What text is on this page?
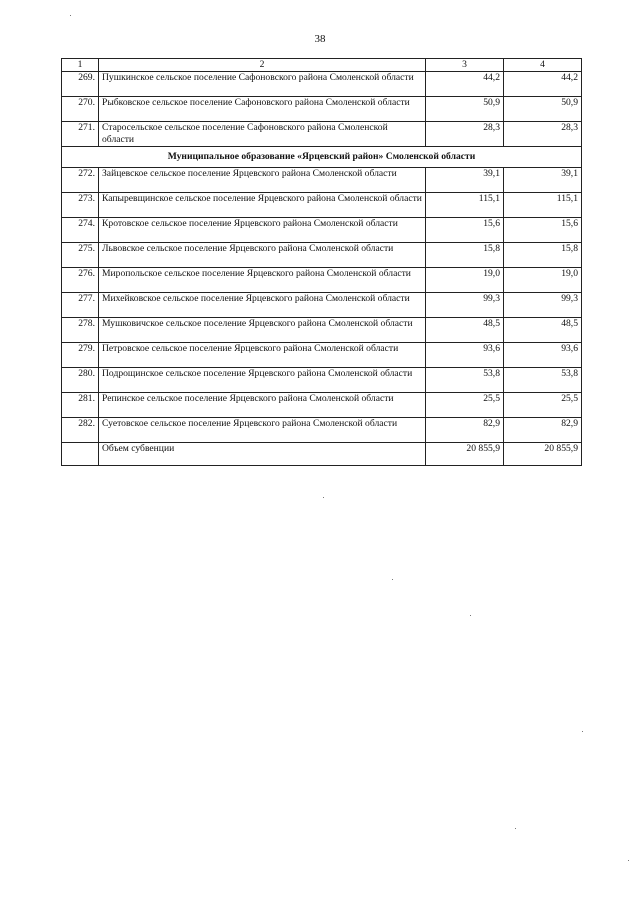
38
1	2	3	4
269.	Пушкинское сельское поселение Сафоновского района Смоленской области	44,2	44,2
270.	Рыбковское сельское поселение Сафоновского района Смоленской области	50,9	50,9
271.	Старосельское сельское поселение Сафоновского района Смоленской области	28,3	28,3
Муниципальное образование «Ярцевский район» Смоленской области			
272.	Зайцевское сельское поселение Ярцевского района Смоленской области	39,1	39,1
273.	Капыревщинское сельское поселение Ярцевского района Смоленской области	115,1	115,1
274.	Кротовское сельское поселение Ярцевского района Смоленской области	15,6	15,6
275.	Львовское сельское поселение Ярцевского района Смоленской области	15,8	15,8
276.	Миропольское сельское поселение Ярцевского района Смоленской области	19,0	19,0
277.	Михейковское сельское поселение Ярцевского района Смоленской области	99,3	99,3
278.	Мушковичское сельское поселение Ярцевского района Смоленской области	48,5	48,5
279.	Петровское сельское поселение Ярцевского района Смоленской области	93,6	93,6
280.	Подрощинское сельское поселение Ярцевского района Смоленской области	53,8	53,8
281.	Репинское сельское поселение Ярцевского района Смоленской области	25,5	25,5
282.	Суетовское сельское поселение Ярцевского района Смоленской области	82,9	82,9
	Объем субвенции	20 855,9	20 855,9
